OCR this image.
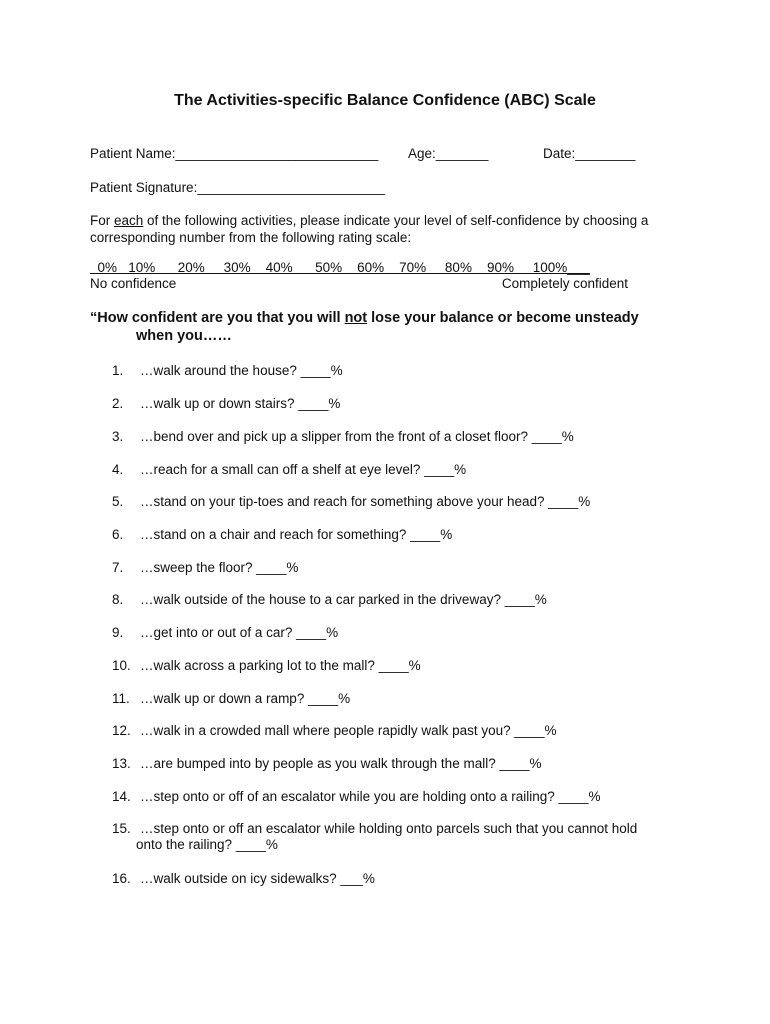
The Activities-specific Balance Confidence (ABC) Scale
Patient Name:___________________________ Age:_______	Date:________
Patient Signature:_________________________
For each of the following activities, please indicate your level of self-confidence by choosing a
corresponding number from the following rating scale:
0%   10%      20%     30%    40%      50%    60%    70%     80%    90%     100%___
No confidence	Completely confident
“How confident are you that you will not lose your balance or become unsteady
when you……
1. …walk around the house? ____%
2. …walk up or down stairs? ____%
3. …bend over and pick up a slipper from the front of a closet floor? ____%
4. …reach for a small can off a shelf at eye level? ____%
5. …stand on your tip-toes and reach for something above your head? ____%
6. …stand on a chair and reach for something? ____%
7. …sweep the floor? ____%
8. …walk outside of the house to a car parked in the driveway? ____%
9. …get into or out of a car? ____%
10. …walk across a parking lot to the mall? ____%
11. …walk up or down a ramp? ____%
12. …walk in a crowded mall where people rapidly walk past you? ____%
13. …are bumped into by people as you walk through the mall? ____%
14. …step onto or off of an escalator while you are holding onto a railing? ____%
15. …step onto or off an escalator while holding onto parcels such that you cannot hold
onto the railing? ____%
16. …walk outside on icy sidewalks? ___%
